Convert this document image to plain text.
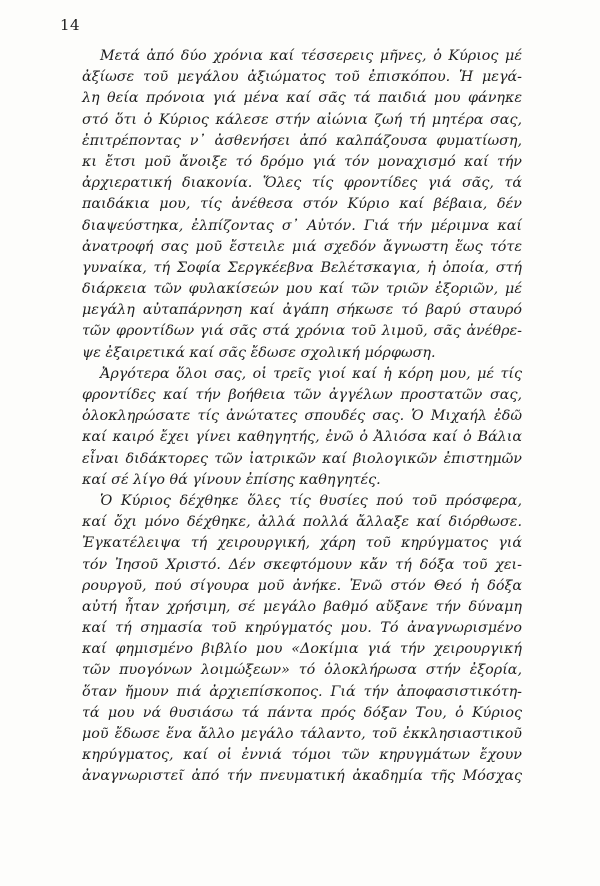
14
Μετά ἀπό δύο χρόνια καί τέσσερεις μῆνες, ὁ Κύριος μέ
ἀξίωσε τοῦ μεγάλου ἀξιώματος τοῦ ἐπισκόπου. Ἡ μεγά-
λη θεία πρόνοια γιά μένα καί σᾶς τά παιδιά μου φάνηκε
στό ὅτι ὁ Κύριος κάλεσε στήν αἰώνια ζωή τή μητέρα σας,
ἐπιτρέποντας ν᾽ ἀσθενήσει ἀπό καλπάζουσα φυματίωση,
κι ἔτσι μοῦ ἄνοιξε τό δρόμο γιά τόν μοναχισμό καί τήν
ἀρχιερατική διακονία. Ὅλες τίς φροντίδες γιά σᾶς, τά
παιδάκια μου, τίς ἀνέθεσα στόν Κύριο καί βέβαια, δέν
διαψεύστηκα, ἐλπίζοντας σ᾽ Αὐτόν. Γιά τήν μέριμνα καί
ἀνατροφή σας μοῦ ἔστειλε μιά σχεδόν ἄγνωστη ἕως τότε
γυναίκα, τή Σοφία Σεργκέεβνα Βελέτσκαγια, ἡ ὁποία, στή
διάρκεια τῶν φυλακίσεών μου καί τῶν τριῶν ἐξοριῶν, μέ
μεγάλη αὐταπάρνηση καί ἀγάπη σήκωσε τό βαρύ σταυρό
τῶν φροντίδων γιά σᾶς στά χρόνια τοῦ λιμοῦ, σᾶς ἀνέθρε-
ψε ἐξαιρετικά καί σᾶς ἔδωσε σχολική μόρφωση.
Ἀργότερα ὅλοι σας, οἱ τρεῖς γιοί καί ἡ κόρη μου, μέ τίς
φροντίδες καί τήν βοήθεια τῶν ἀγγέλων προστατῶν σας,
ὁλοκληρώσατε τίς ἀνώτατες σπουδές σας. Ὁ Μιχαήλ ἐδῶ
καί καιρό ἔχει γίνει καθηγητής, ἐνῶ ὁ Ἀλιόσα καί ὁ Βάλια
εἶναι διδάκτορες τῶν ἰατρικῶν καί βιολογικῶν ἐπιστημῶν
καί σέ λίγο θά γίνουν ἐπίσης καθηγητές.
Ὁ Κύριος δέχθηκε ὅλες τίς θυσίες πού τοῦ πρόσφερα,
καί ὄχι μόνο δέχθηκε, ἀλλά πολλά ἄλλαξε καί διόρθωσε.
Ἐγκατέλειψα τή χειρουργική, χάρη τοῦ κηρύγματος γιά
τόν Ἰησοῦ Χριστό. Δέν σκεφτόμουν κἄν τή δόξα τοῦ χει-
ρουργοῦ, πού σίγουρα μοῦ ἀνήκε. Ἐνῶ στόν Θεό ἡ δόξα
αὐτή ἦταν χρήσιμη, σέ μεγάλο βαθμό αὔξανε τήν δύναμη
καί τή σημασία τοῦ κηρύγματός μου. Τό ἀναγνωρισμένο
καί φημισμένο βιβλίο μου «Δοκίμια γιά τήν χειρουργική
τῶν πυογόνων λοιμώξεων» τό ὁλοκλήρωσα στήν ἐξορία,
ὅταν ἤμουν πιά ἀρχιεπίσκοπος. Γιά τήν ἀποφασιστικότη-
τά μου νά θυσιάσω τά πάντα πρός δόξαν Του, ὁ Κύριος
μοῦ ἔδωσε ἕνα ἄλλο μεγάλο τάλαντο, τοῦ ἐκκλησιαστικοῦ
κηρύγματος, καί οἱ ἐννιά τόμοι τῶν κηρυγμάτων ἔχουν
ἀναγνωριστεῖ ἀπό τήν πνευματική ἀκαδημία τῆς Μόσχας
